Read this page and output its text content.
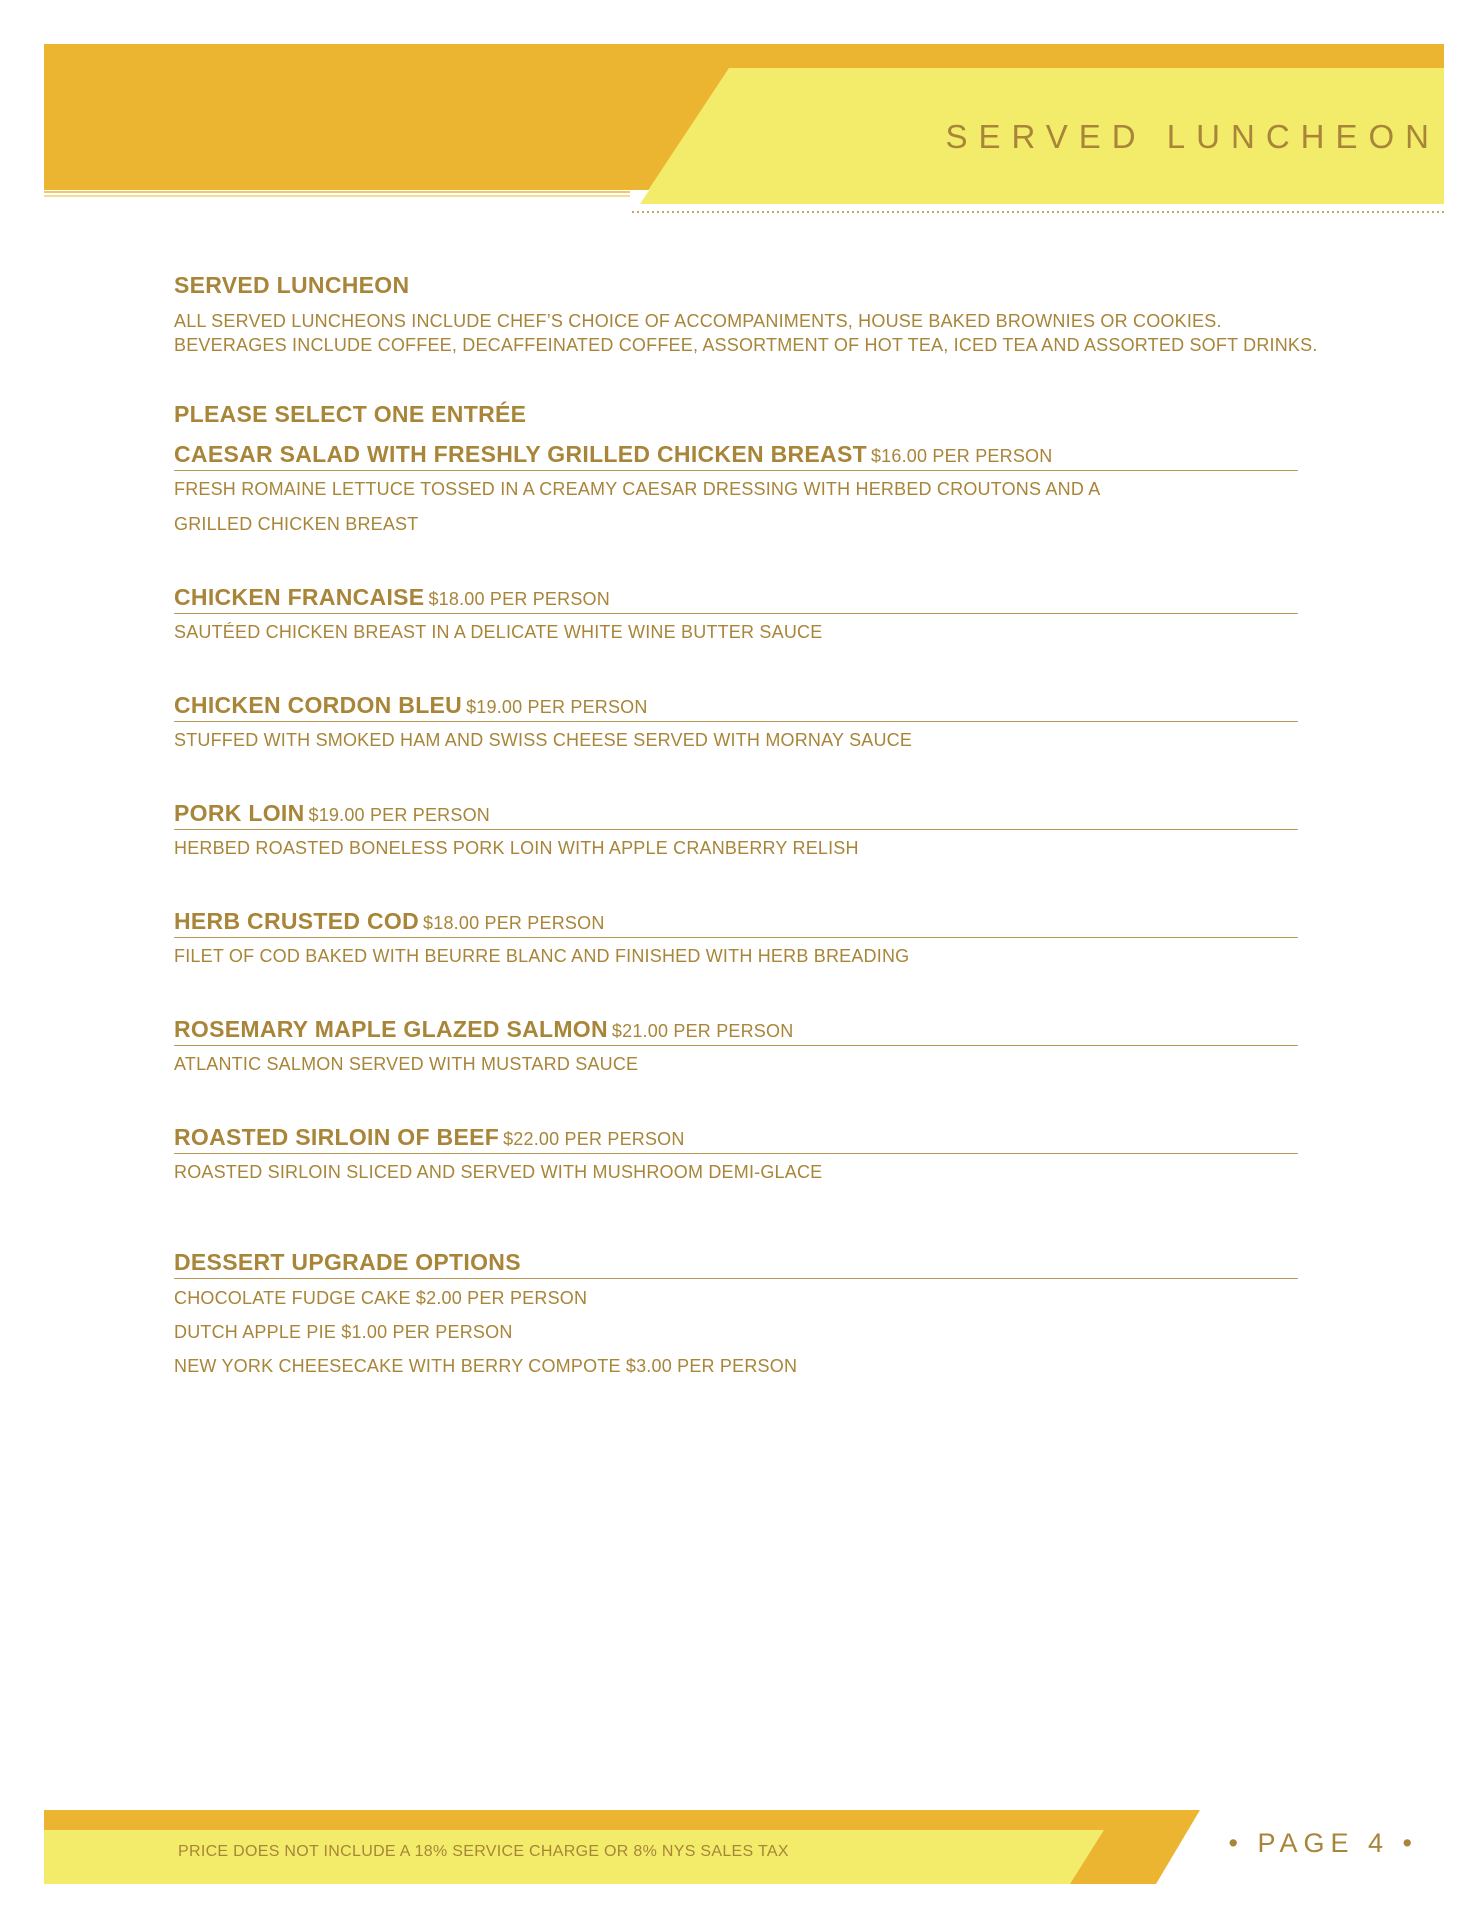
SERVED LUNCHEON
SERVED LUNCHEON
ALL SERVED LUNCHEONS INCLUDE CHEF’S CHOICE OF ACCOMPANIMENTS, HOUSE BAKED BROWNIES OR COOKIES.
BEVERAGES INCLUDE COFFEE, DECAFFEINATED COFFEE, ASSORTMENT OF HOT TEA, ICED TEA AND ASSORTED SOFT DRINKS.
PLEASE SELECT ONE ENTRÉE
CAESAR SALAD WITH FRESHLY GRILLED CHICKEN BREAST $16.00 PER PERSON
FRESH ROMAINE LETTUCE TOSSED IN A CREAMY CAESAR DRESSING WITH HERBED CROUTONS AND A
GRILLED CHICKEN BREAST
CHICKEN FRANCAISE $18.00 PER PERSON
SAUTÉED CHICKEN BREAST IN A DELICATE WHITE WINE BUTTER SAUCE
CHICKEN CORDON BLEU $19.00 PER PERSON
STUFFED WITH SMOKED HAM AND SWISS CHEESE SERVED WITH MORNAY SAUCE
PORK LOIN $19.00 PER PERSON
HERBED ROASTED BONELESS PORK LOIN WITH APPLE CRANBERRY RELISH
HERB CRUSTED COD $18.00 PER PERSON
FILET OF COD BAKED WITH BEURRE BLANC AND FINISHED WITH HERB BREADING
ROSEMARY MAPLE GLAZED SALMON $21.00 PER PERSON
ATLANTIC SALMON SERVED WITH MUSTARD SAUCE
ROASTED SIRLOIN OF BEEF $22.00 PER PERSON
ROASTED SIRLOIN SLICED AND SERVED WITH MUSHROOM DEMI-GLACE
DESSERT UPGRADE OPTIONS
CHOCOLATE FUDGE CAKE $2.00 PER PERSON
DUTCH APPLE PIE $1.00 PER PERSON
NEW YORK CHEESECAKE WITH BERRY COMPOTE $3.00 PER PERSON
PRICE DOES NOT INCLUDE A 18% SERVICE CHARGE OR 8% NYS SALES TAX	• PAGE 4 •
